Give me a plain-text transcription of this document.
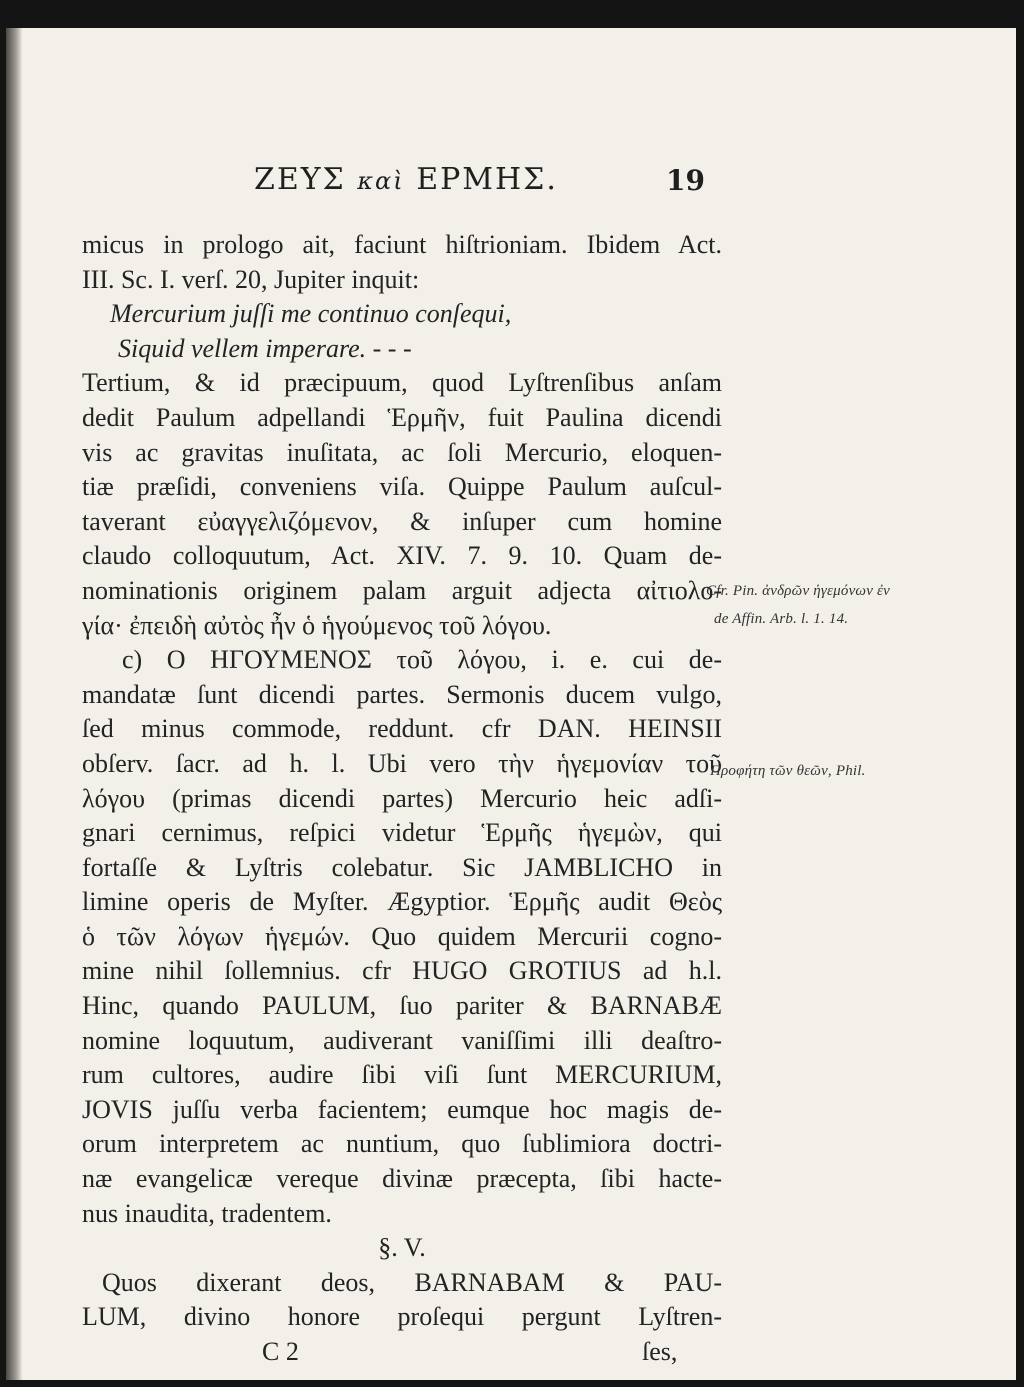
ΖΕΥΣ καὶ ΕΡΜΗΣ.	19
micus in prologo ait, faciunt hiſtrioniam. Ibidem Act.
III. Sc. I. verſ. 20, Jupiter inquit:
Mercurium juſſi me continuo conſequi,
Siquid vellem imperare. - - -
Tertium, & id præcipuum, quod Lyſtrenſibus anſam
dedit Paulum adpellandi Ἑρμῆν, fuit Paulina dicendi
vis ac gravitas inuſitata, ac ſoli Mercurio, eloquen-
tiæ præſidi, conveniens viſa. Quippe Paulum auſcul-
taverant εὐαγγελιζόμενον, & inſuper cum homine
claudo colloquutum, Act. XIV. 7. 9. 10. Quam de-
nominationis originem palam arguit adjecta αἰτιολο-
γία· ἐπειδὴ αὐτὸς ἦν ὁ ἡγούμενος τοῦ λόγου.
c) Ο ΗΓΟΥΜΕΝΟΣ τοῦ λόγου, i. e. cui de-
mandatæ ſunt dicendi partes. Sermonis ducem vulgo,
ſed minus commode, reddunt. cfr DAN. HEINSII
obſerv. ſacr. ad h. l. Ubi vero τὴν ἡγεμονίαν τοῦ
λόγου (primas dicendi partes) Mercurio heic adſi-
gnari cernimus, reſpici videtur Ἑρμῆς ἡγεμὼν, qui
fortaſſe & Lyſtris colebatur. Sic JAMBLICHO in
limine operis de Myſter. Ægyptior. Ἑρμῆς audit Θεὸς
ὁ τῶν λόγων ἡγεμών. Quo quidem Mercurii cogno-
mine nihil ſollemnius. cfr HUGO GROTIUS ad h.l.
Hinc, quando PAULUM, ſuo pariter & BARNABÆ
nomine loquutum, audiverant vaniſſimi illi deaſtro-
rum cultores, audire ſibi viſi ſunt MERCURIUM,
JOVIS juſſu verba facientem; eumque hoc magis de-
orum interpretem ac nuntium, quo ſublimiora doctri-
næ evangelicæ vereque divinæ præcepta, ſibi hacte-
nus inaudita, tradentem.
§. V.
Quos dixerant deos, BARNABAM & PAU-
LUM, divino honore proſequi pergunt Lyſtren-
C 2	ſes,
Cfr. Pin. ἀνδρῶν ἡγεμόνων ἐν
de Affin. Arb. l. 1. 14.
Προφήτη τῶν θεῶν, Phil.
